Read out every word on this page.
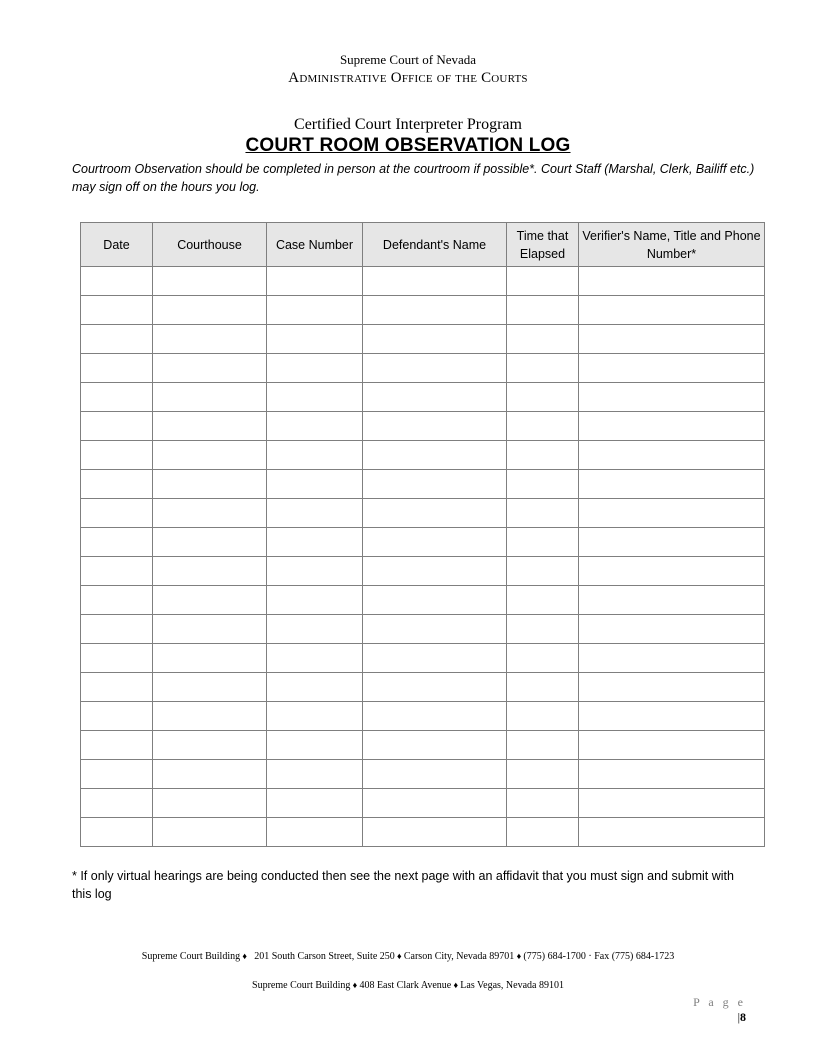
Supreme Court of Nevada
Administrative Office of the Courts
Certified Court Interpreter Program
COURT ROOM OBSERVATION LOG
Courtroom Observation should be completed in person at the courtroom if possible*. Court Staff (Marshal, Clerk, Bailiff etc.) may sign off on the hours you log.
Date	Courthouse	Case Number	Defendant's Name	Time that Elapsed	Verifier's Name, Title and Phone Number*

* If only virtual hearings are being conducted then see the next page with an affidavit that you must sign and submit with this log
Supreme Court Building ♦   201 South Carson Street, Suite 250 ♦ Carson City, Nevada 89701 ♦ (775) 684-1700 · Fax (775) 684-1723
Supreme Court Building ♦ 408 East Clark Avenue ♦ Las Vegas, Nevada 89101
P a g e |8
